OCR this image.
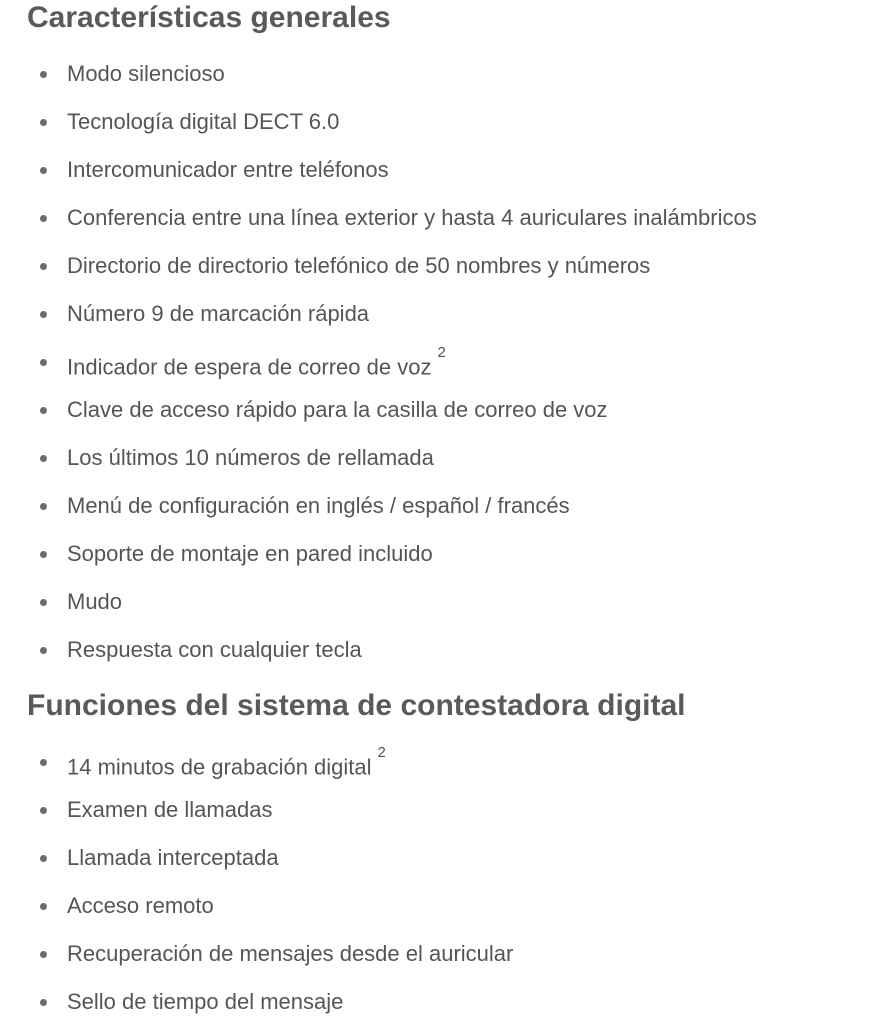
Características generales
Modo silencioso
Tecnología digital DECT 6.0
Intercomunicador entre teléfonos
Conferencia entre una línea exterior y hasta 4 auriculares inalámbricos
Directorio de directorio telefónico de 50 nombres y números
Número 9 de marcación rápida
Indicador de espera de correo de voz$^2$
Clave de acceso rápido para la casilla de correo de voz
Los últimos 10 números de rellamada
Menú de configuración en inglés / español / francés
Soporte de montaje en pared incluido
Mudo
Respuesta con cualquier tecla
Funciones del sistema de contestadora digital
14 minutos de grabación digital$^2$
Examen de llamadas
Llamada interceptada
Acceso remoto
Recuperación de mensajes desde el auricular
Sello de tiempo del mensaje
